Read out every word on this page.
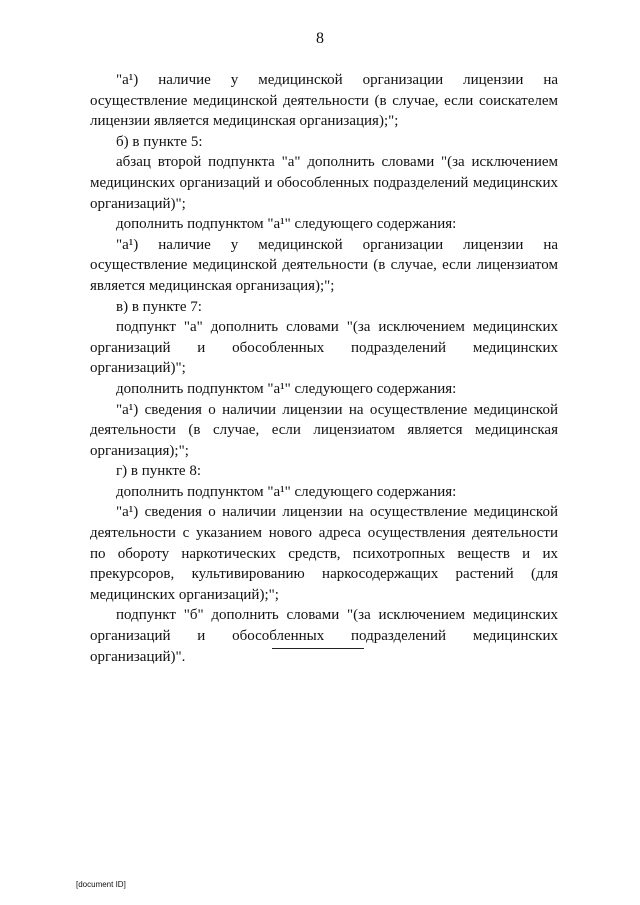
8

"а¹) наличие у медицинской организации лицензии на осуществление медицинской деятельности (в случае, если соискателем лицензии является медицинская организация);";

б) в пункте 5:

абзац второй подпункта "а" дополнить словами "(за исключением медицинских организаций и обособленных подразделений медицинских организаций)";

дополнить подпунктом "а¹" следующего содержания:

"а¹) наличие у медицинской организации лицензии на осуществление медицинской деятельности (в случае, если лицензиатом является медицинская организация);";

в) в пункте 7:

подпункт "а" дополнить словами "(за исключением медицинских организаций и обособленных подразделений медицинских организаций)";

дополнить подпунктом "а¹" следующего содержания:

"а¹) сведения о наличии лицензии на осуществление медицинской деятельности (в случае, если лицензиатом является медицинская организация);";

г) в пункте 8:

дополнить подпунктом "а¹" следующего содержания:

"а¹) сведения о наличии лицензии на осуществление медицинской деятельности с указанием нового адреса осуществления деятельности по обороту наркотических средств, психотропных веществ и их прекурсоров, культивированию наркосодержащих растений (для медицинских организаций);";

подпункт "б" дополнить словами "(за исключением медицинских организаций и обособленных подразделений медицинских организаций)".

[document ID]
